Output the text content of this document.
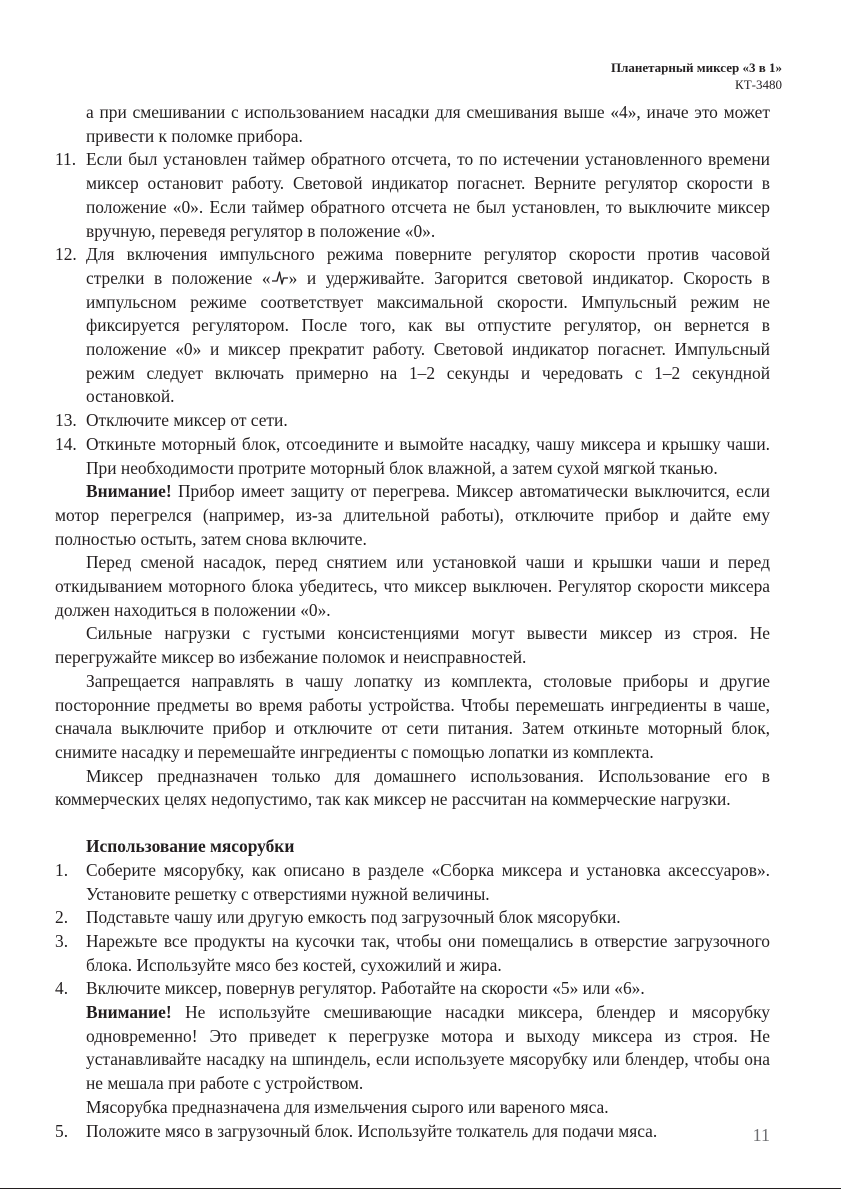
Планетарный миксер «3 в 1»
КТ-3480

а при смешивании с использованием насадки для смешивания выше «4», иначе это может привести к поломке прибора.

11. Если был установлен таймер обратного отсчета, то по истечении установленного времени миксер остановит работу. Световой индикатор погаснет. Верните регулятор скорости в положение «0». Если таймер обратного отсчета не был установлен, то выключите миксер вручную, переведя регулятор в положение «0».
12. Для включения импульсного режима поверните регулятор скорости против часовой стрелки в положение « » и удерживайте. Загорится световой индикатор. Скорость в импульсном режиме соответствует максимальной скорости. Импульсный режим не фиксируется регулятором. После того, как вы отпустите регулятор, он вернется в положение «0» и миксер прекратит работу. Световой индикатор погаснет. Импульсный режим следует включать примерно на 1–2 секунды и чередовать с 1–2 секундной остановкой.
13. Отключите миксер от сети.
14. Откиньте моторный блок, отсоедините и вымойте насадку, чашу миксера и крышку чаши. При необходимости протрите моторный блок влажной, а затем сухой мягкой тканью.

Внимание! Прибор имеет защиту от перегрева. Миксер автоматически выключится, если мотор перегрелся (например, из-за длительной работы), отключите прибор и дайте ему полностью остыть, затем снова включите.

Перед сменой насадок, перед снятием или установкой чаши и крышки чаши и перед откидыванием моторного блока убедитесь, что миксер выключен. Регулятор скорости миксера должен находиться в положении «0».

Сильные нагрузки с густыми консистенциями могут вывести миксер из строя. Не перегружайте миксер во избежание поломок и неисправностей.

Запрещается направлять в чашу лопатку из комплекта, столовые приборы и другие посторонние предметы во время работы устройства. Чтобы перемешать ингредиенты в чаше, сначала выключите прибор и отключите от сети питания. Затем откиньте моторный блок, снимите насадку и перемешайте ингредиенты с помощью лопатки из комплекта.

Миксер предназначен только для домашнего использования. Использование его в коммерческих целях недопустимо, так как миксер не рассчитан на коммерческие нагрузки.

Использование мясорубки

1.	Соберите мясорубку, как описано в разделе «Сборка миксера и установка аксессуаров». Установите решетку с отверстиями нужной величины.
2.	Подставьте чашу или другую емкость под загрузочный блок мясорубки.
3.	Нарежьте все продукты на кусочки так, чтобы они помещались в отверстие загрузочного блока. Используйте мясо без костей, сухожилий и жира.
4.	Включите миксер, повернув регулятор. Работайте на скорости «5» или «6».

Внимание! Не используйте смешивающие насадки миксера, блендер и мясорубку одновременно! Это приведет к перегрузке мотора и выходу миксера из строя. Не устанавливайте насадку на шпиндель, если используете мясорубку или блендер, чтобы она не мешала при работе с устройством.

Мясорубка предназначена для измельчения сырого или вареного мяса.

5.	Положите мясо в загрузочный блок. Используйте толкатель для подачи мяса.	11
